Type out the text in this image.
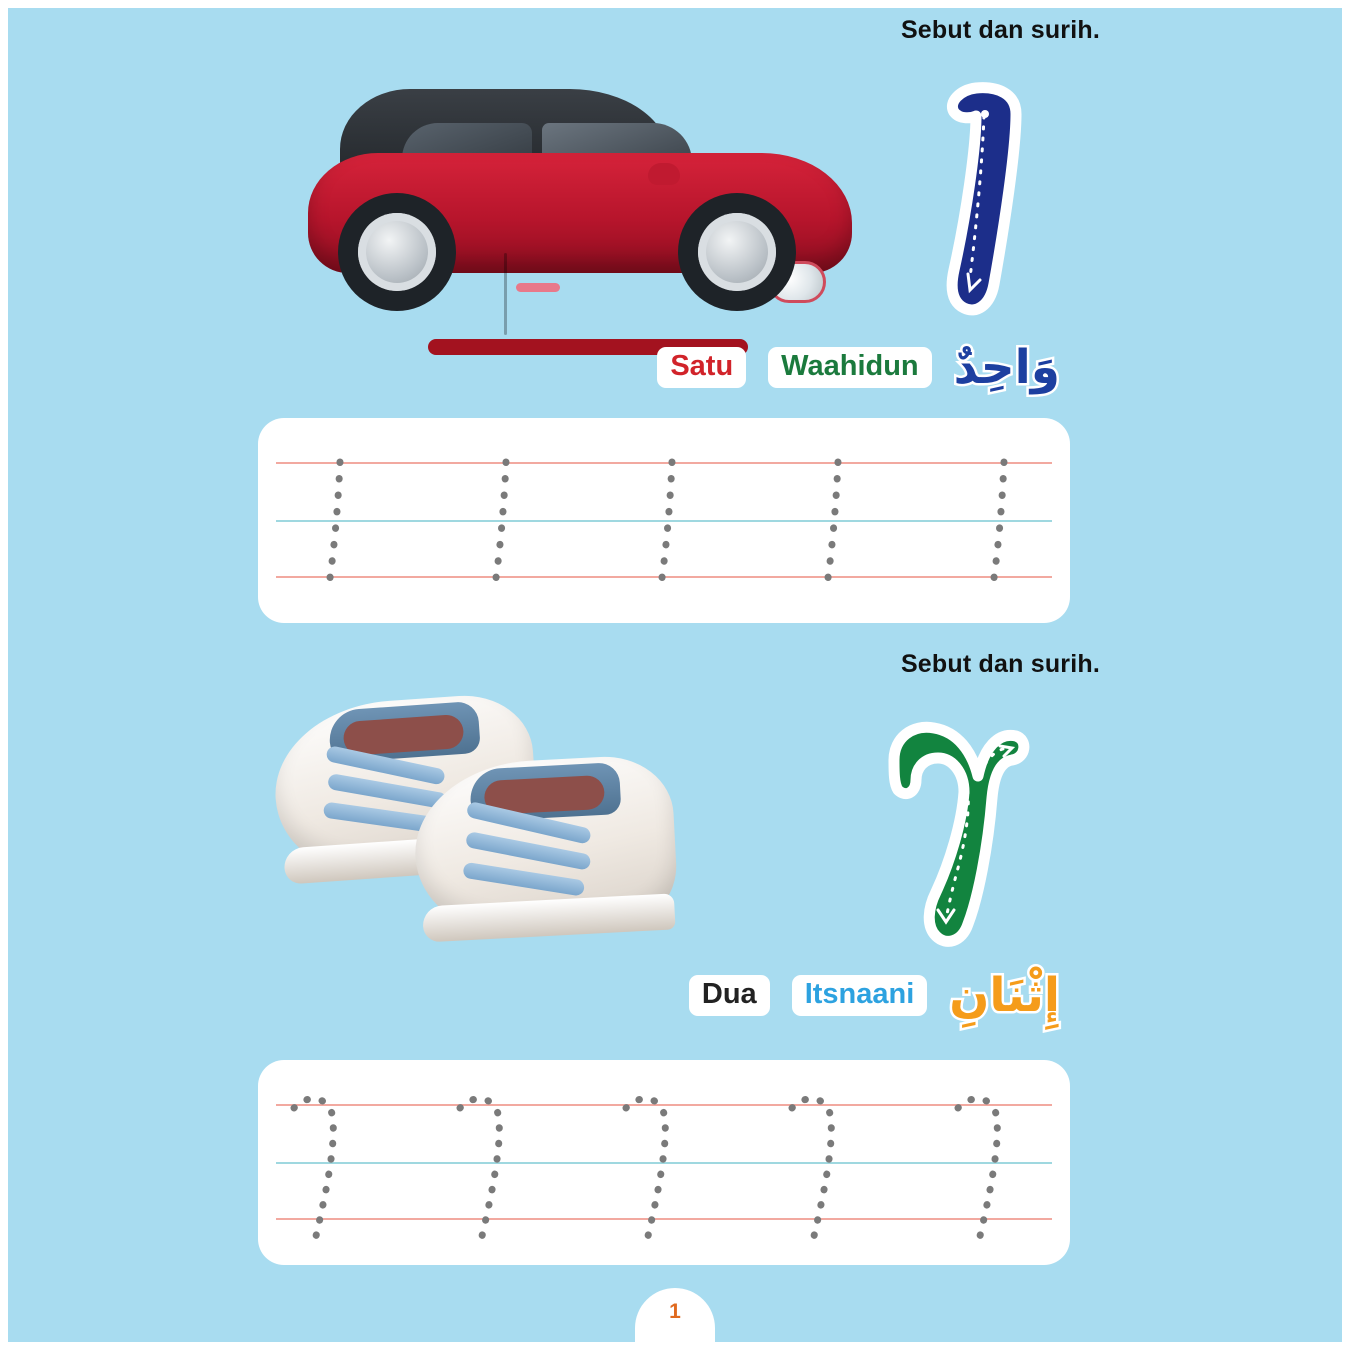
Sebut dan surih.
Satu	Waahidun وَاحِدٌ
Sebut dan surih.
Dua	Itsnaani إِثْنَانِ
1
